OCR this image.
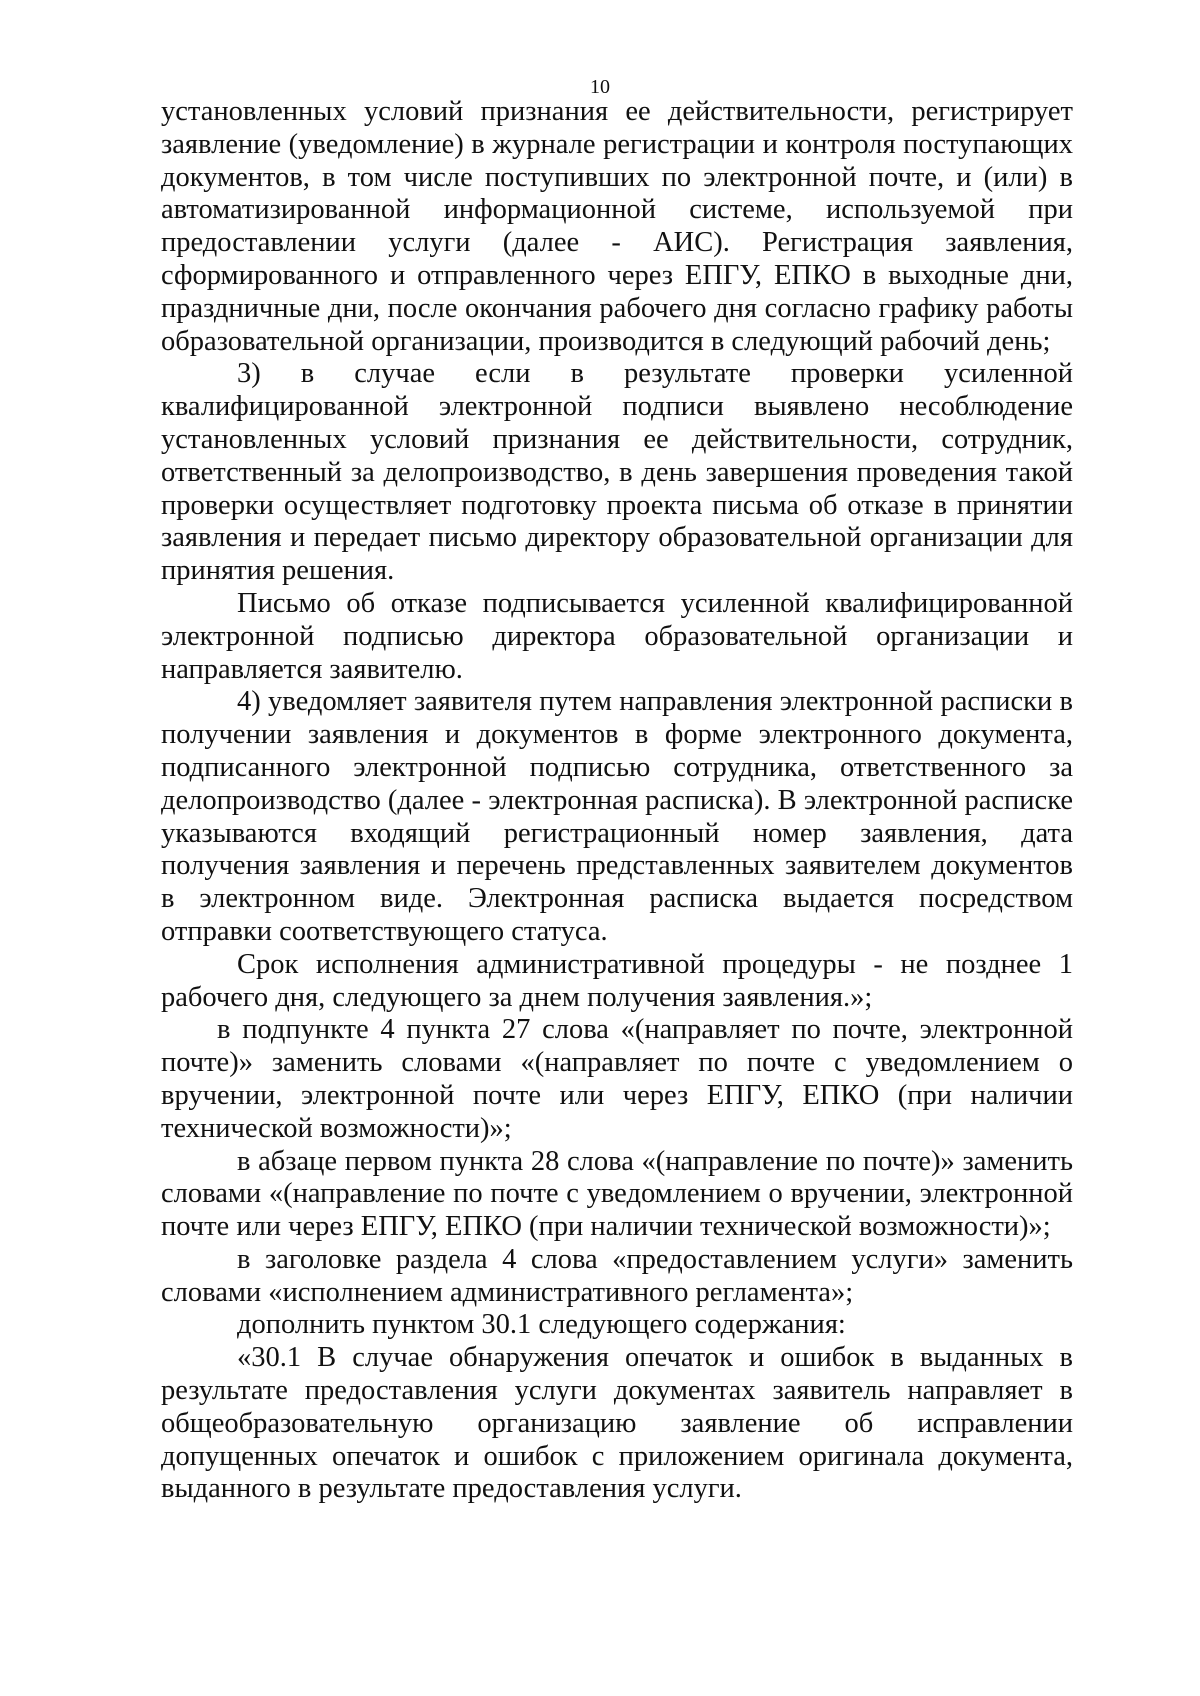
10

установленных условий признания ее действительности, регистрирует заявление (уведомление) в журнале регистрации и контроля поступающих документов, в том числе поступивших по электронной почте, и (или) в автоматизированной информационной системе, используемой при предоставлении услуги (далее - АИС). Регистрация заявления, сформированного и отправленного через ЕПГУ, ЕПКО в выходные дни, праздничные дни, после окончания рабочего дня согласно графику работы образовательной организации, производится в следующий рабочий день;

3) в случае если в результате проверки усиленной квалифицированной электронной подписи выявлено несоблюдение установленных условий признания ее действительности, сотрудник, ответственный за делопроизводство, в день завершения проведения такой проверки осуществляет подготовку проекта письма об отказе в принятии заявления и передает письмо директору образовательной организации для принятия решения.

Письмо об отказе подписывается усиленной квалифицированной электронной подписью директора образовательной организации и направляется заявителю.

4) уведомляет заявителя путем направления электронной расписки в получении заявления и документов в форме электронного документа, подписанного электронной подписью сотрудника, ответственного за делопроизводство (далее - электронная расписка). В электронной расписке указываются входящий регистрационный номер заявления, дата получения заявления и перечень представленных заявителем документов в электронном виде. Электронная расписка выдается посредством отправки соответствующего статуса.

Срок исполнения административной процедуры - не позднее 1 рабочего дня, следующего за днем получения заявления.»;

в подпункте 4 пункта 27 слова «(направляет по почте, электронной почте)» заменить словами «(направляет по почте с уведомлением о вручении, электронной почте или через ЕПГУ, ЕПКО (при наличии технической возможности)»;

в абзаце первом пункта 28 слова «(направление по почте)» заменить словами «(направление по почте с уведомлением о вручении, электронной почте или через ЕПГУ, ЕПКО (при наличии технической возможности)»;

в заголовке раздела 4 слова «предоставлением услуги» заменить словами «исполнением административного регламента»;

дополнить пунктом 30.1 следующего содержания:

«30.1 В случае обнаружения опечаток и ошибок в выданных в результате предоставления услуги документах заявитель направляет в общеобразовательную организацию заявление об исправлении допущенных опечаток и ошибок с приложением оригинала документа, выданного в результате предоставления услуги.
